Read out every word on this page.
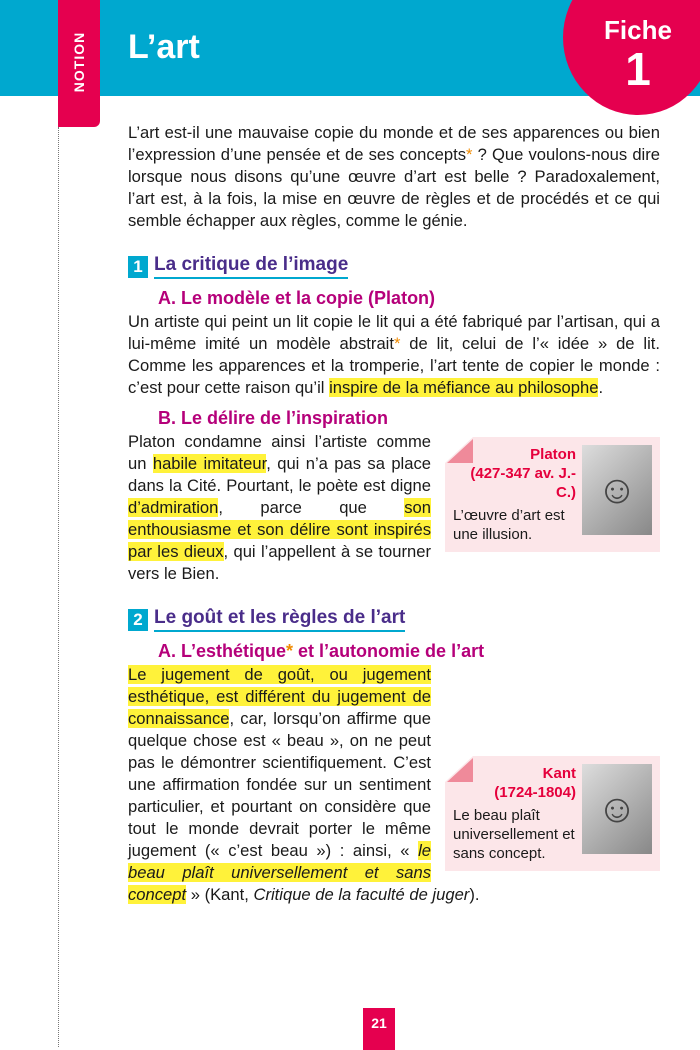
NOTION L’art	Fiche
1

L’art est-il une mauvaise copie du monde et de ses apparences ou bien l’expression d’une pensée et de ses concepts* ? Que voulons-nous dire lorsque nous disons qu’une œuvre d’art est belle ? Paradoxalement, l’art est, à la fois, la mise en œuvre de règles et de procédés et ce qui semble échapper aux règles, comme le génie.

1 La critique de l’image
A. Le modèle et la copie (Platon)

Un artiste qui peint un lit copie le lit qui a été fabriqué par l’artisan, qui a lui-même imité un modèle abstrait* de lit, celui de l’« idée » de lit. Comme les apparences et la tromperie, l’art tente de copier le monde : c’est pour cette raison qu’il inspire de la méfiance au philosophe.

B. Le délire de l’inspiration

Platon
(427-347 av. J.-C.)
L’œuvre d’art est une illusion.
☺
Platon condamne ainsi l’artiste comme un habile imitateur, qui n’a pas sa place dans la Cité. Pourtant, le poète est digne d’admiration, parce que son enthousiasme et son délire sont inspirés par les dieux, qui l’appellent à se tourner vers le Bien.

2 Le goût et les règles de l’art
A. L’esthétique* et l’autonomie de l’art

Kant
(1724-1804)
Le beau plaît universellement et sans concept.
☺
Le jugement de goût, ou jugement esthétique, est différent du jugement de connaissance, car, lorsqu’on affirme que quelque chose est « beau », on ne peut pas le démontrer scientifiquement. C’est une affirmation fondée sur un sentiment particulier, et pourtant on considère que tout le monde devrait porter le même jugement (« c’est beau ») : ainsi, « le beau plaît universellement et sans concept » (Kant, Critique de la faculté de juger).

21
